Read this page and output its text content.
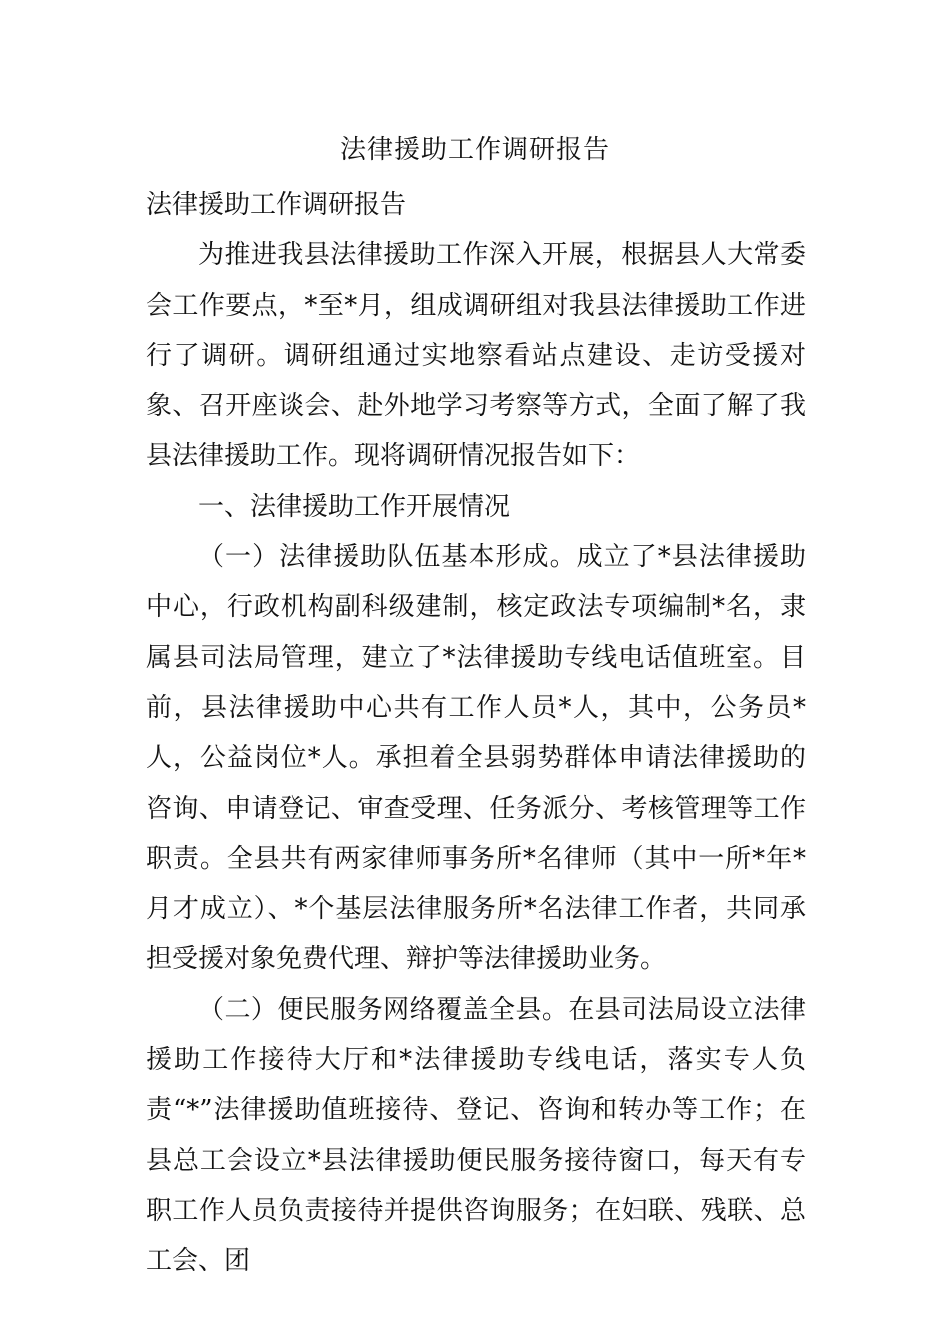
法律援助工作调研报告

法律援助工作调研报告

为推进我县法律援助工作深入开展，根据县人大常委会工作要点，*至*月，组成调研组对我县法律援助工作进行了调研。调研组通过实地察看站点建设、走访受援对象、召开座谈会、赴外地学习考察等方式，全面了解了我县法律援助工作。现将调研情况报告如下：

一、法律援助工作开展情况

（一）法律援助队伍基本形成。成立了*县法律援助中心，行政机构副科级建制，核定政法专项编制*名，隶属县司法局管理，建立了*法律援助专线电话值班室。目前，县法律援助中心共有工作人员*人，其中，公务员*人，公益岗位*人。承担着全县弱势群体申请法律援助的咨询、申请登记、审查受理、任务派分、考核管理等工作职责。全县共有两家律师事务所*名律师（其中一所*年*月才成立）、*个基层法律服务所*名法律工作者，共同承担受援对象免费代理、辩护等法律援助业务。

（二）便民服务网络覆盖全县。在县司法局设立法律援助工作接待大厅和*法律援助专线电话，落实专人负责“*”法律援助值班接待、登记、咨询和转办等工作；在县总工会设立*县法律援助便民服务接待窗口，每天有专职工作人员负责接待并提供咨询服务；在妇联、残联、总工会、团
